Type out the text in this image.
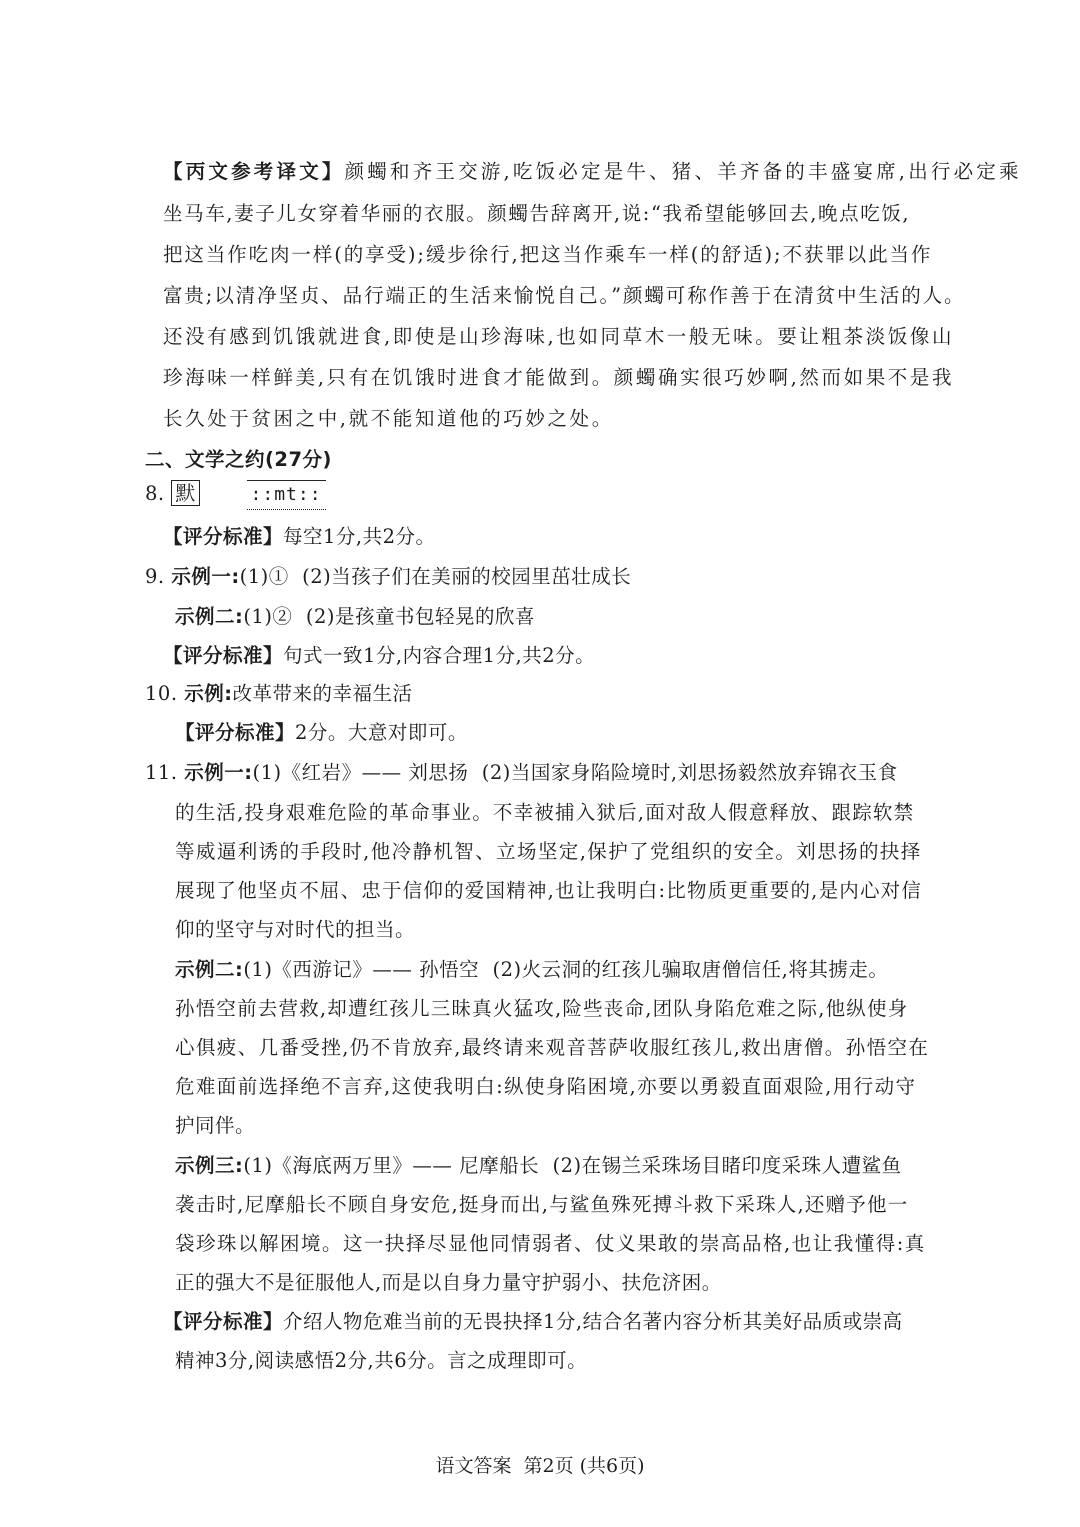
【丙文参考译文】颜蠋和齐王交游,吃饭必定是牛、猪、羊齐备的丰盛宴席,出行必定乘
坐马车,妻子儿女穿着华丽的衣服。颜蠋告辞离开,说:“我希望能够回去,晚点吃饭,
把这当作吃肉一样(的享受);缓步徐行,把这当作乘车一样(的舒适);不获罪以此当作
富贵;以清净坚贞、品行端正的生活来愉悦自己。”颜蠋可称作善于在清贫中生活的人。
还没有感到饥饿就进食,即使是山珍海味,也如同草木一般无味。要让粗茶淡饭像山
珍海味一样鲜美,只有在饥饿时进食才能做到。颜蠋确实很巧妙啊,然而如果不是我
长久处于贫困之中,就不能知道他的巧妙之处。
二、文学之约(27分)
8. 默	::mt::
【评分标准】每空1分,共2分。
9. 示例一:(1)①  (2)当孩子们在美丽的校园里茁壮成长
示例二:(1)②  (2)是孩童书包轻晃的欣喜
【评分标准】句式一致1分,内容合理1分,共2分。
10. 示例:改革带来的幸福生活
【评分标准】2分。大意对即可。
11. 示例一:(1)《红岩》—— 刘思扬  (2)当国家身陷险境时,刘思扬毅然放弃锦衣玉食
的生活,投身艰难危险的革命事业。不幸被捕入狱后,面对敌人假意释放、跟踪软禁
等威逼利诱的手段时,他冷静机智、立场坚定,保护了党组织的安全。刘思扬的抉择
展现了他坚贞不屈、忠于信仰的爱国精神,也让我明白:比物质更重要的,是内心对信
仰的坚守与对时代的担当。
示例二:(1)《西游记》—— 孙悟空  (2)火云洞的红孩儿骗取唐僧信任,将其掳走。
孙悟空前去营救,却遭红孩儿三昧真火猛攻,险些丧命,团队身陷危难之际,他纵使身
心俱疲、几番受挫,仍不肯放弃,最终请来观音菩萨收服红孩儿,救出唐僧。孙悟空在
危难面前选择绝不言弃,这使我明白:纵使身陷困境,亦要以勇毅直面艰险,用行动守
护同伴。
示例三:(1)《海底两万里》—— 尼摩船长  (2)在锡兰采珠场目睹印度采珠人遭鲨鱼
袭击时,尼摩船长不顾自身安危,挺身而出,与鲨鱼殊死搏斗救下采珠人,还赠予他一
袋珍珠以解困境。这一抉择尽显他同情弱者、仗义果敢的崇高品格,也让我懂得:真
正的强大不是征服他人,而是以自身力量守护弱小、扶危济困。
【评分标准】介绍人物危难当前的无畏抉择1分,结合名著内容分析其美好品质或崇高
精神3分,阅读感悟2分,共6分。言之成理即可。
语文答案  第2页 (共6页)
